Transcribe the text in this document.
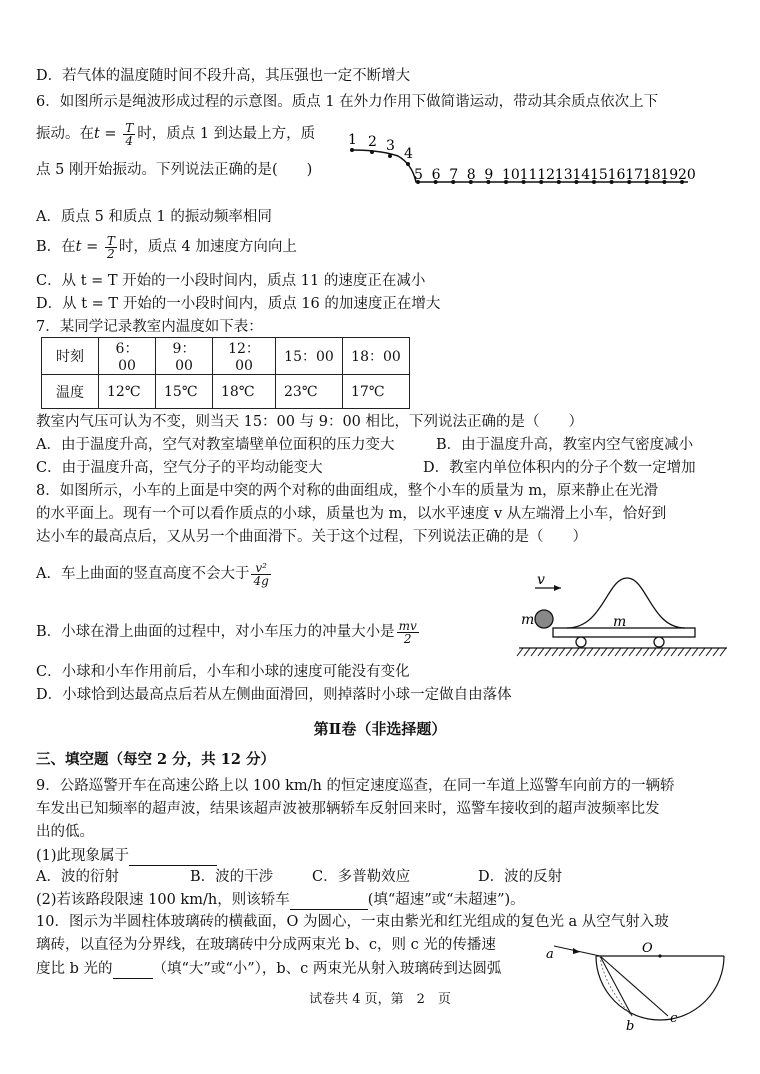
D．若气体的温度随时间不段升高，其压强也一定不断增大
6．如图所示是绳波形成过程的示意图。质点 1 在外力作用下做简谐运动，带动其余质点依次上下
振动。在$t = \frac{T}{4}$ 时，质点 1 到达最上方，质
点 5 刚开始振动。下列说法正确的是(　　)
1 2 3 4
5 6 7 8 9 10 11 12 13 14 15 16 17 18 19 20
A．质点 5 和质点 1 的振动频率相同
B．在$t = \frac{T}{2}$ 时，质点 4 加速度方向向上
C．从 t = T 开始的一小段时间内，质点 11 的速度正在减小
D．从 t = T 开始的一小段时间内，质点 16 的加速度正在增大
7．某同学记录教室内温度如下表：
时刻	6：00	9：00	12：00	15：00	18：00
温度	12℃	15℃	18℃	23℃	17℃
教室内气压可认为不变，则当天 15：00 与 9：00 相比，下列说法正确的是（　　）
A．由于温度升高，空气对教室墙壁单位面积的压力变大	B．由于温度升高，教室内空气密度减小
C．由于温度升高，空气分子的平均动能变大	D．教室内单位体积内的分子个数一定增加
8．如图所示，小车的上面是中突的两个对称的曲面组成，整个小车的质量为 m，原来静止在光滑
的水平面上。现有一个可以看作质点的小球，质量也为 m，以水平速度 v 从左端滑上小车，恰好到
达小车的最高点后，又从另一个曲面滑下。关于这个过程，下列说法正确的是（　　）
A．车上曲面的竖直高度不会大于 $\frac{\text{v²}}{4g}$
B．小球在滑上曲面的过程中，对小车压力的冲量大小是 $\frac{mv}{2}$
C．小球和小车作用前后，小车和小球的速度可能没有变化
D．小球恰到达最高点后若从左侧曲面滑回，则掉落时小球一定做自由落体
v
m	m
第Ⅱ卷（非选择题）
三、填空题（每空 2 分，共 12 分）
9．公路巡警开车在高速公路上以 100 km/h 的恒定速度巡查，在同一车道上巡警车向前方的一辆轿
车发出已知频率的超声波，结果该超声波被那辆轿车反射回来时，巡警车接收到的超声波频率比发
出的低。
(1)此现象属于
A．波的衍射	B．波的干涉	C．多普勒效应	D．波的反射
(2)若该路段限速 100 km/h，则该轿车	(填“超速”或“未超速”)。
10．图示为半圆柱体玻璃砖的横截面，O 为圆心，一束由紫光和红光组成的复色光 a 从空气射入玻
璃砖，以直径为分界线，在玻璃砖中分成两束光 b、c，则 c 光的传播速
度比 b 光的	（填“大”或“小”），b、c 两束光从射入玻璃砖到达圆弧
a	O
b
c
试卷共 4 页，第　2　页
